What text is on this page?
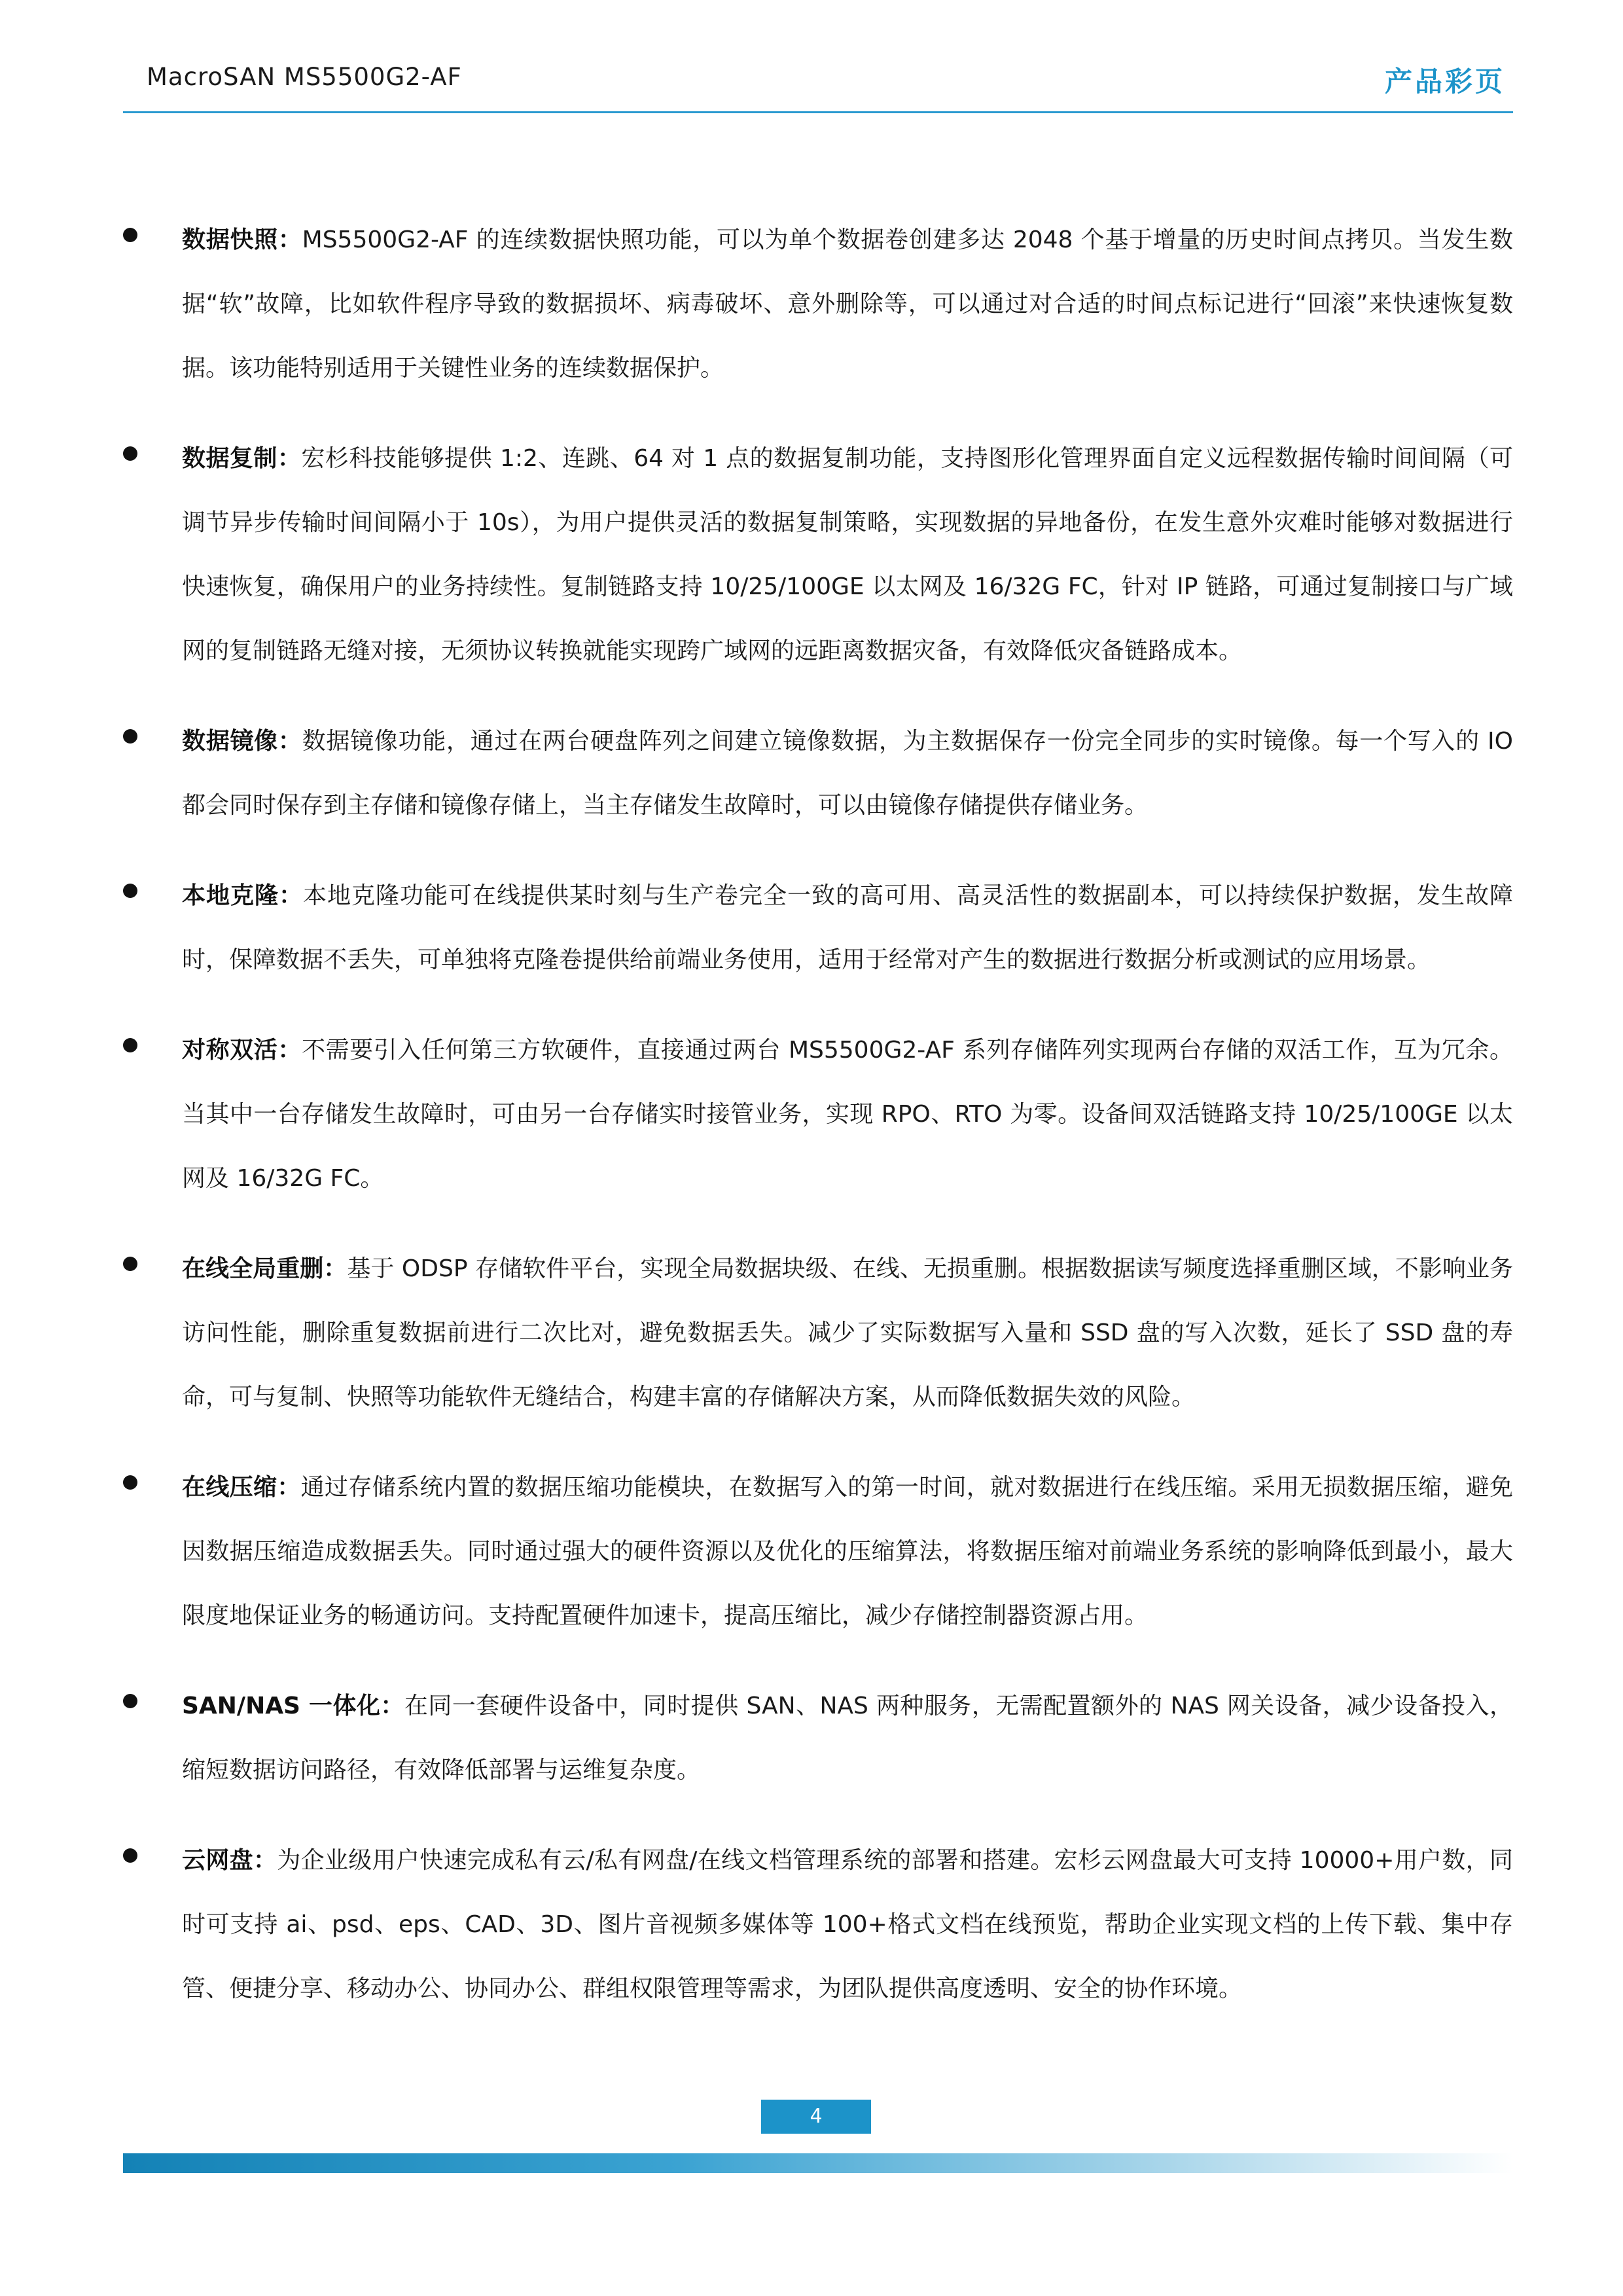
MacroSAN MS5500G2-AF	产品彩页
数据快照：MS5500G2-AF 的连续数据快照功能，可以为单个数据卷创建多达 2048 个基于增量的历史时间点拷贝。当发生数据“软”故障，比如软件程序导致的数据损坏、病毒破坏、意外删除等，可以通过对合适的时间点标记进行“回滚”来快速恢复数据。该功能特别适用于关键性业务的连续数据保护。
数据复制：宏杉科技能够提供 1:2、连跳、64 对 1 点的数据复制功能，支持图形化管理界面自定义远程数据传输时间间隔（可调节异步传输时间间隔小于 10s），为用户提供灵活的数据复制策略，实现数据的异地备份，在发生意外灾难时能够对数据进行快速恢复，确保用户的业务持续性。复制链路支持 10/25/100GE 以太网及 16/32G FC，针对 IP 链路，可通过复制接口与广域网的复制链路无缝对接，无须协议转换就能实现跨广域网的远距离数据灾备，有效降低灾备链路成本。
数据镜像：数据镜像功能，通过在两台硬盘阵列之间建立镜像数据，为主数据保存一份完全同步的实时镜像。每一个写入的 IO 都会同时保存到主存储和镜像存储上，当主存储发生故障时，可以由镜像存储提供存储业务。
本地克隆：本地克隆功能可在线提供某时刻与生产卷完全一致的高可用、高灵活性的数据副本，可以持续保护数据，发生故障时，保障数据不丢失，可单独将克隆卷提供给前端业务使用，适用于经常对产生的数据进行数据分析或测试的应用场景。
对称双活：不需要引入任何第三方软硬件，直接通过两台 MS5500G2-AF 系列存储阵列实现两台存储的双活工作，互为冗余。当其中一台存储发生故障时，可由另一台存储实时接管业务，实现 RPO、RTO 为零。设备间双活链路支持 10/25/100GE 以太网及 16/32G FC。
在线全局重删：基于 ODSP 存储软件平台，实现全局数据块级、在线、无损重删。根据数据读写频度选择重删区域，不影响业务访问性能，删除重复数据前进行二次比对，避免数据丢失。减少了实际数据写入量和 SSD 盘的写入次数，延长了 SSD 盘的寿命，可与复制、快照等功能软件无缝结合，构建丰富的存储解决方案，从而降低数据失效的风险。
在线压缩：通过存储系统内置的数据压缩功能模块，在数据写入的第一时间，就对数据进行在线压缩。采用无损数据压缩，避免因数据压缩造成数据丢失。同时通过强大的硬件资源以及优化的压缩算法，将数据压缩对前端业务系统的影响降低到最小，最大限度地保证业务的畅通访问。支持配置硬件加速卡，提高压缩比，减少存储控制器资源占用。
SAN/NAS 一体化：在同一套硬件设备中，同时提供 SAN、NAS 两种服务，无需配置额外的 NAS 网关设备，减少设备投入，缩短数据访问路径，有效降低部署与运维复杂度。
云网盘：为企业级用户快速完成私有云/私有网盘/在线文档管理系统的部署和搭建。宏杉云网盘最大可支持 10000+用户数，同时可支持 ai、psd、eps、CAD、3D、图片音视频多媒体等 100+格式文档在线预览，帮助企业实现文档的上传下载、集中存管、便捷分享、移动办公、协同办公、群组权限管理等需求，为团队提供高度透明、安全的协作环境。
4
